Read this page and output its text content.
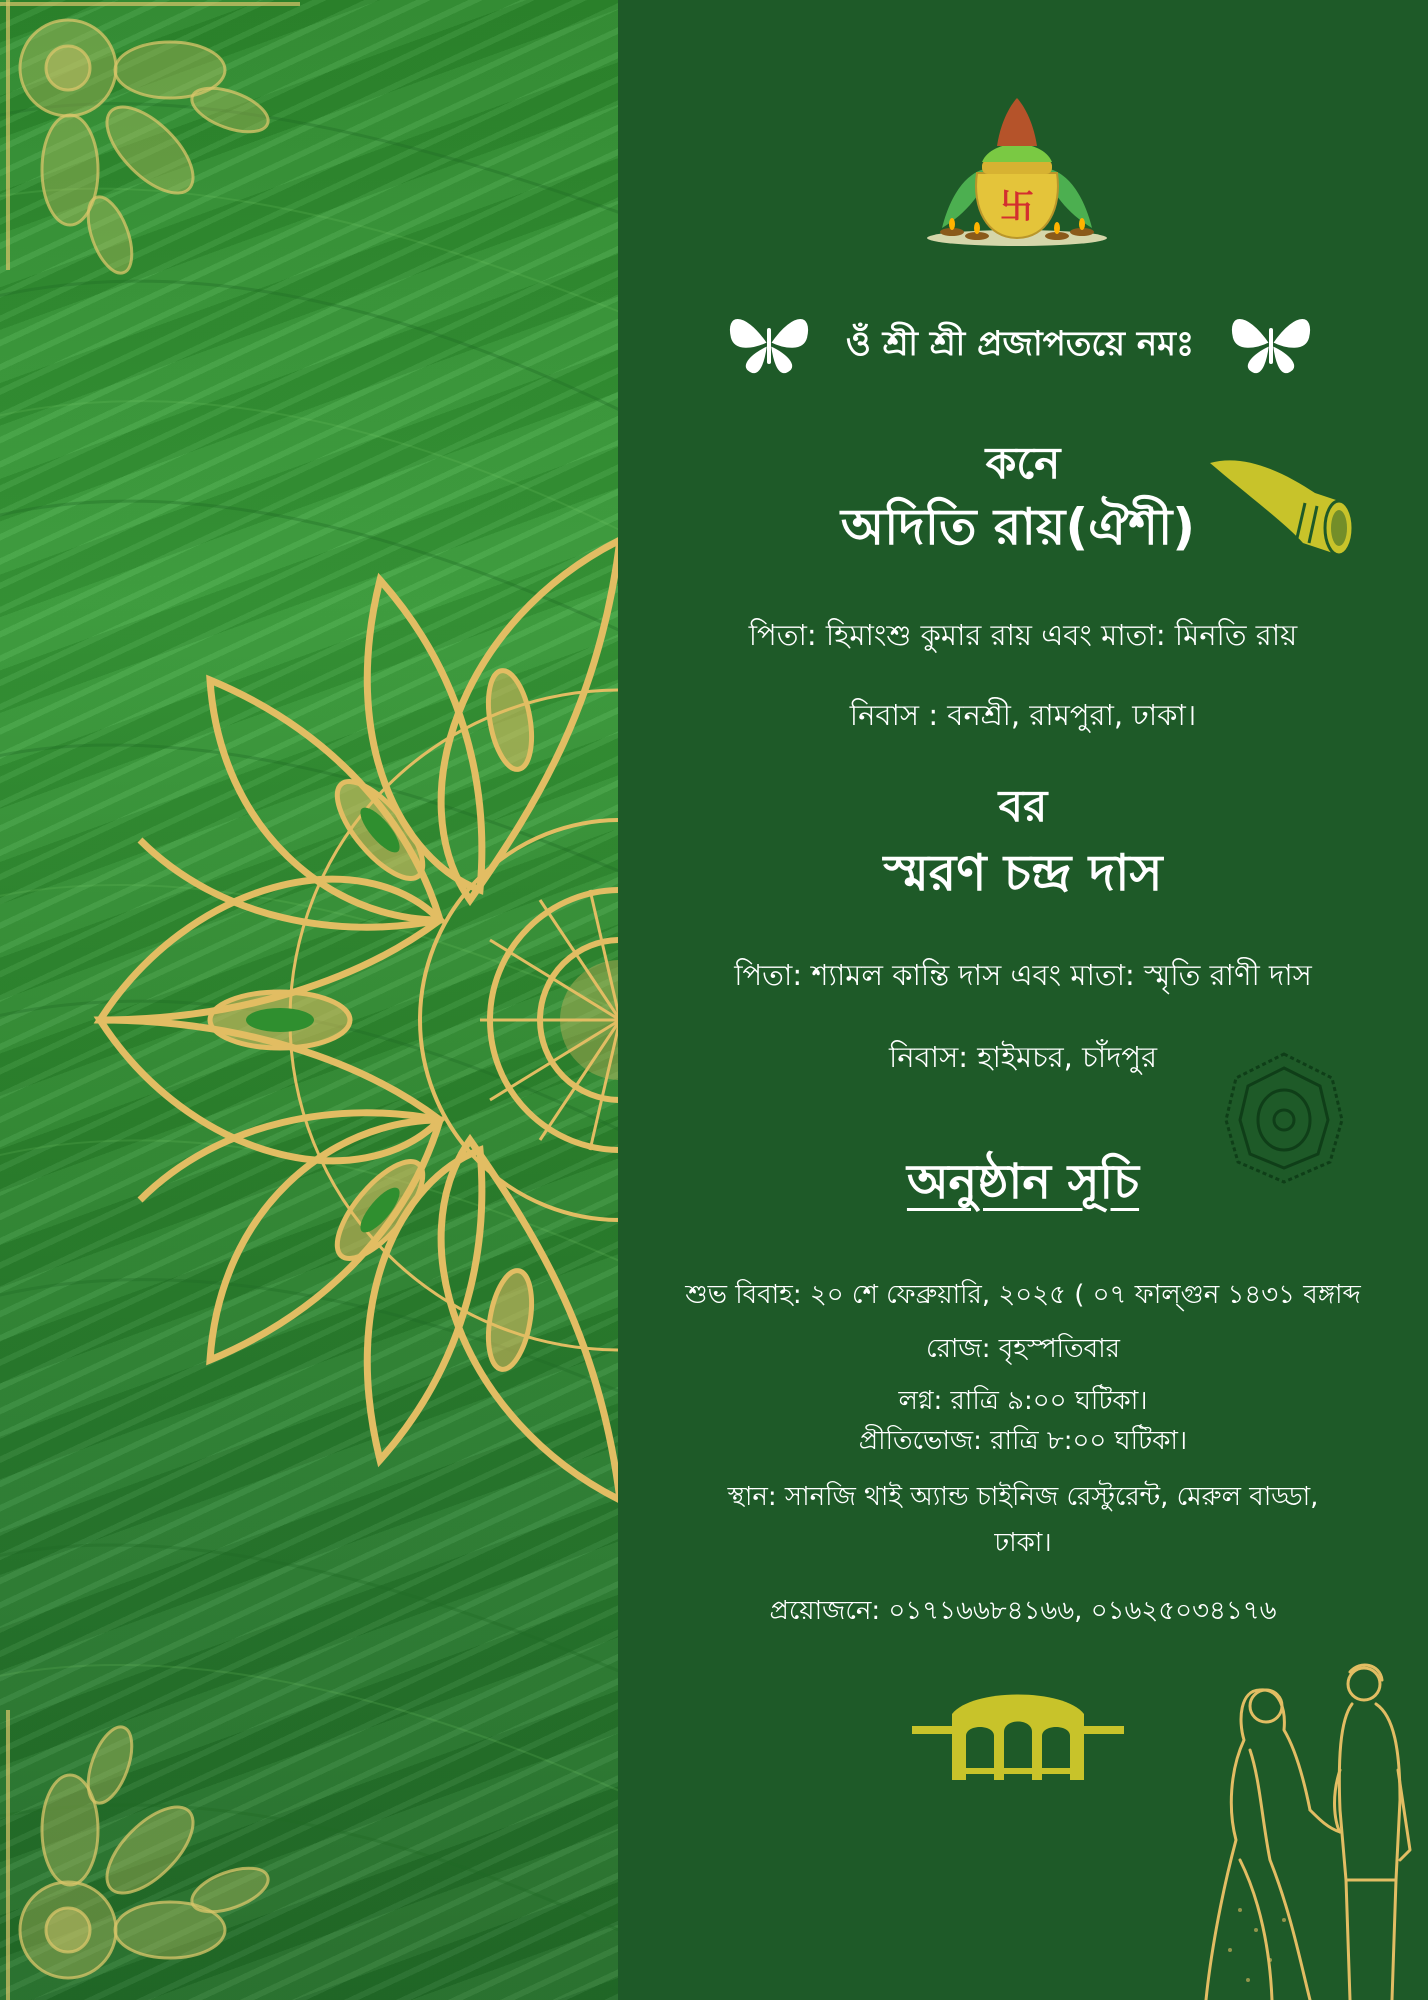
卐
ওঁ শ্রী শ্রী প্রজাপতয়ে নমঃ
কনে
অদিতি রায়(ঐশী)
পিতা: হিমাংশু কুমার রায় এবং মাতা: মিনতি রায়
নিবাস : বনশ্রী, রামপুরা, ঢাকা।
বর
স্মরণ চন্দ্র দাস
পিতা: শ্যামল কান্তি দাস এবং মাতা: স্মৃতি রাণী দাস
নিবাস: হাইমচর, চাঁদপুর
অনুষ্ঠান সূচি
শুভ বিবাহ: ২০ শে ফেব্রুয়ারি, ২০২৫ ( ০৭ ফাল্গুন ১৪৩১ বঙ্গাব্দ
রোজ: বৃহস্পতিবার
লগ্ন: রাত্রি ৯:০০ ঘটিকা।
প্রীতিভোজ: রাত্রি ৮:০০ ঘটিকা।
স্থান: সানজি থাই অ্যান্ড চাইনিজ রেস্টুরেন্ট, মেরুল বাড্ডা,
ঢাকা।
প্রয়োজনে: ০১৭১৬৬৮৪১৬৬, ০১৬২৫০৩৪১৭৬
